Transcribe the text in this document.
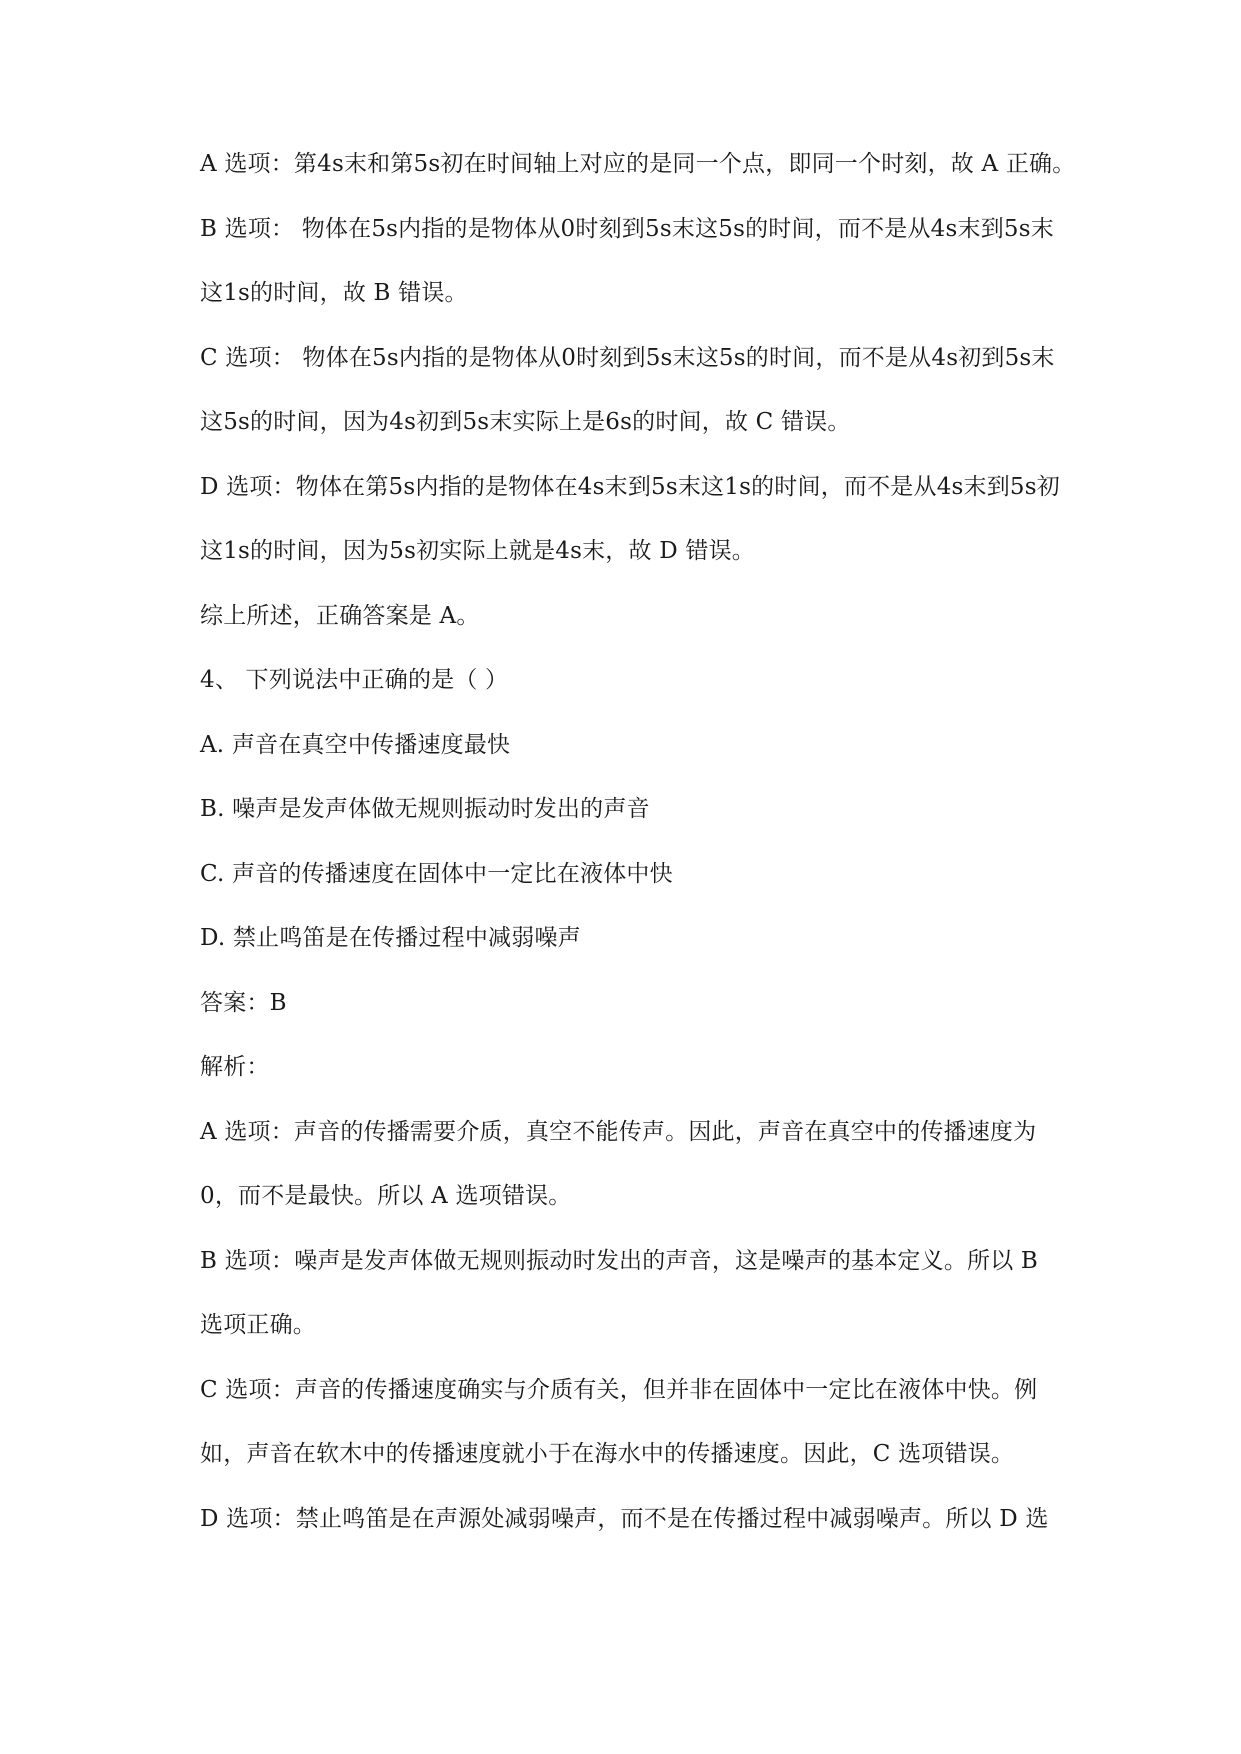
A 选项：第4s末和第5s初在时间轴上对应的是同一个点，即同一个时刻，故 A 正确。
B 选项： 物体在5s内指的是物体从0时刻到5s末这5s的时间，而不是从4s末到5s末
这1s的时间，故 B 错误。
C 选项： 物体在5s内指的是物体从0时刻到5s末这5s的时间，而不是从4s初到5s末
这5s的时间，因为4s初到5s末实际上是6s的时间，故 C 错误。
D 选项：物体在第5s内指的是物体在4s末到5s末这1s的时间，而不是从4s末到5s初
这1s的时间，因为5s初实际上就是4s末，故 D 错误。
综上所述，正确答案是 A。
4、 下列说法中正确的是（ ）
A. 声音在真空中传播速度最快
B. 噪声是发声体做无规则振动时发出的声音
C. 声音的传播速度在固体中一定比在液体中快
D. 禁止鸣笛是在传播过程中减弱噪声
答案：B
解析：
A 选项：声音的传播需要介质，真空不能传声。因此，声音在真空中的传播速度为
0，而不是最快。所以 A 选项错误。
B 选项：噪声是发声体做无规则振动时发出的声音，这是噪声的基本定义。所以 B
选项正确。
C 选项：声音的传播速度确实与介质有关，但并非在固体中一定比在液体中快。例
如，声音在软木中的传播速度就小于在海水中的传播速度。因此，C 选项错误。
D 选项：禁止鸣笛是在声源处减弱噪声，而不是在传播过程中减弱噪声。所以 D 选
